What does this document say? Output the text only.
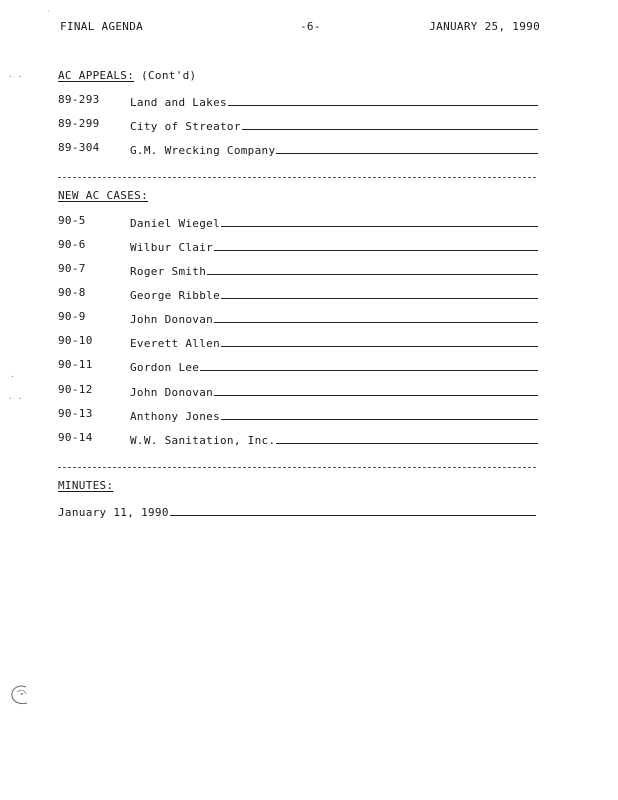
FINAL AGENDA	-6-	JANUARY 25, 1990
AC APPEALS: (Cont'd)
89-293	Land and Lakes
89-299	City of Streator
89-304	G.M. Wrecking Company
NEW AC CASES:
90-5	Daniel Wiegel
90-6	Wilbur Clair
90-7	Roger Smith
90-8	George Ribble
90-9	John Donovan
90-10	Everett Allen
90-11	Gordon Lee
90-12	John Donovan
90-13	Anthony Jones
90-14	W.W. Sanitation, Inc.
MINUTES:
January 11, 1990
˙
· ·
·
· ·
